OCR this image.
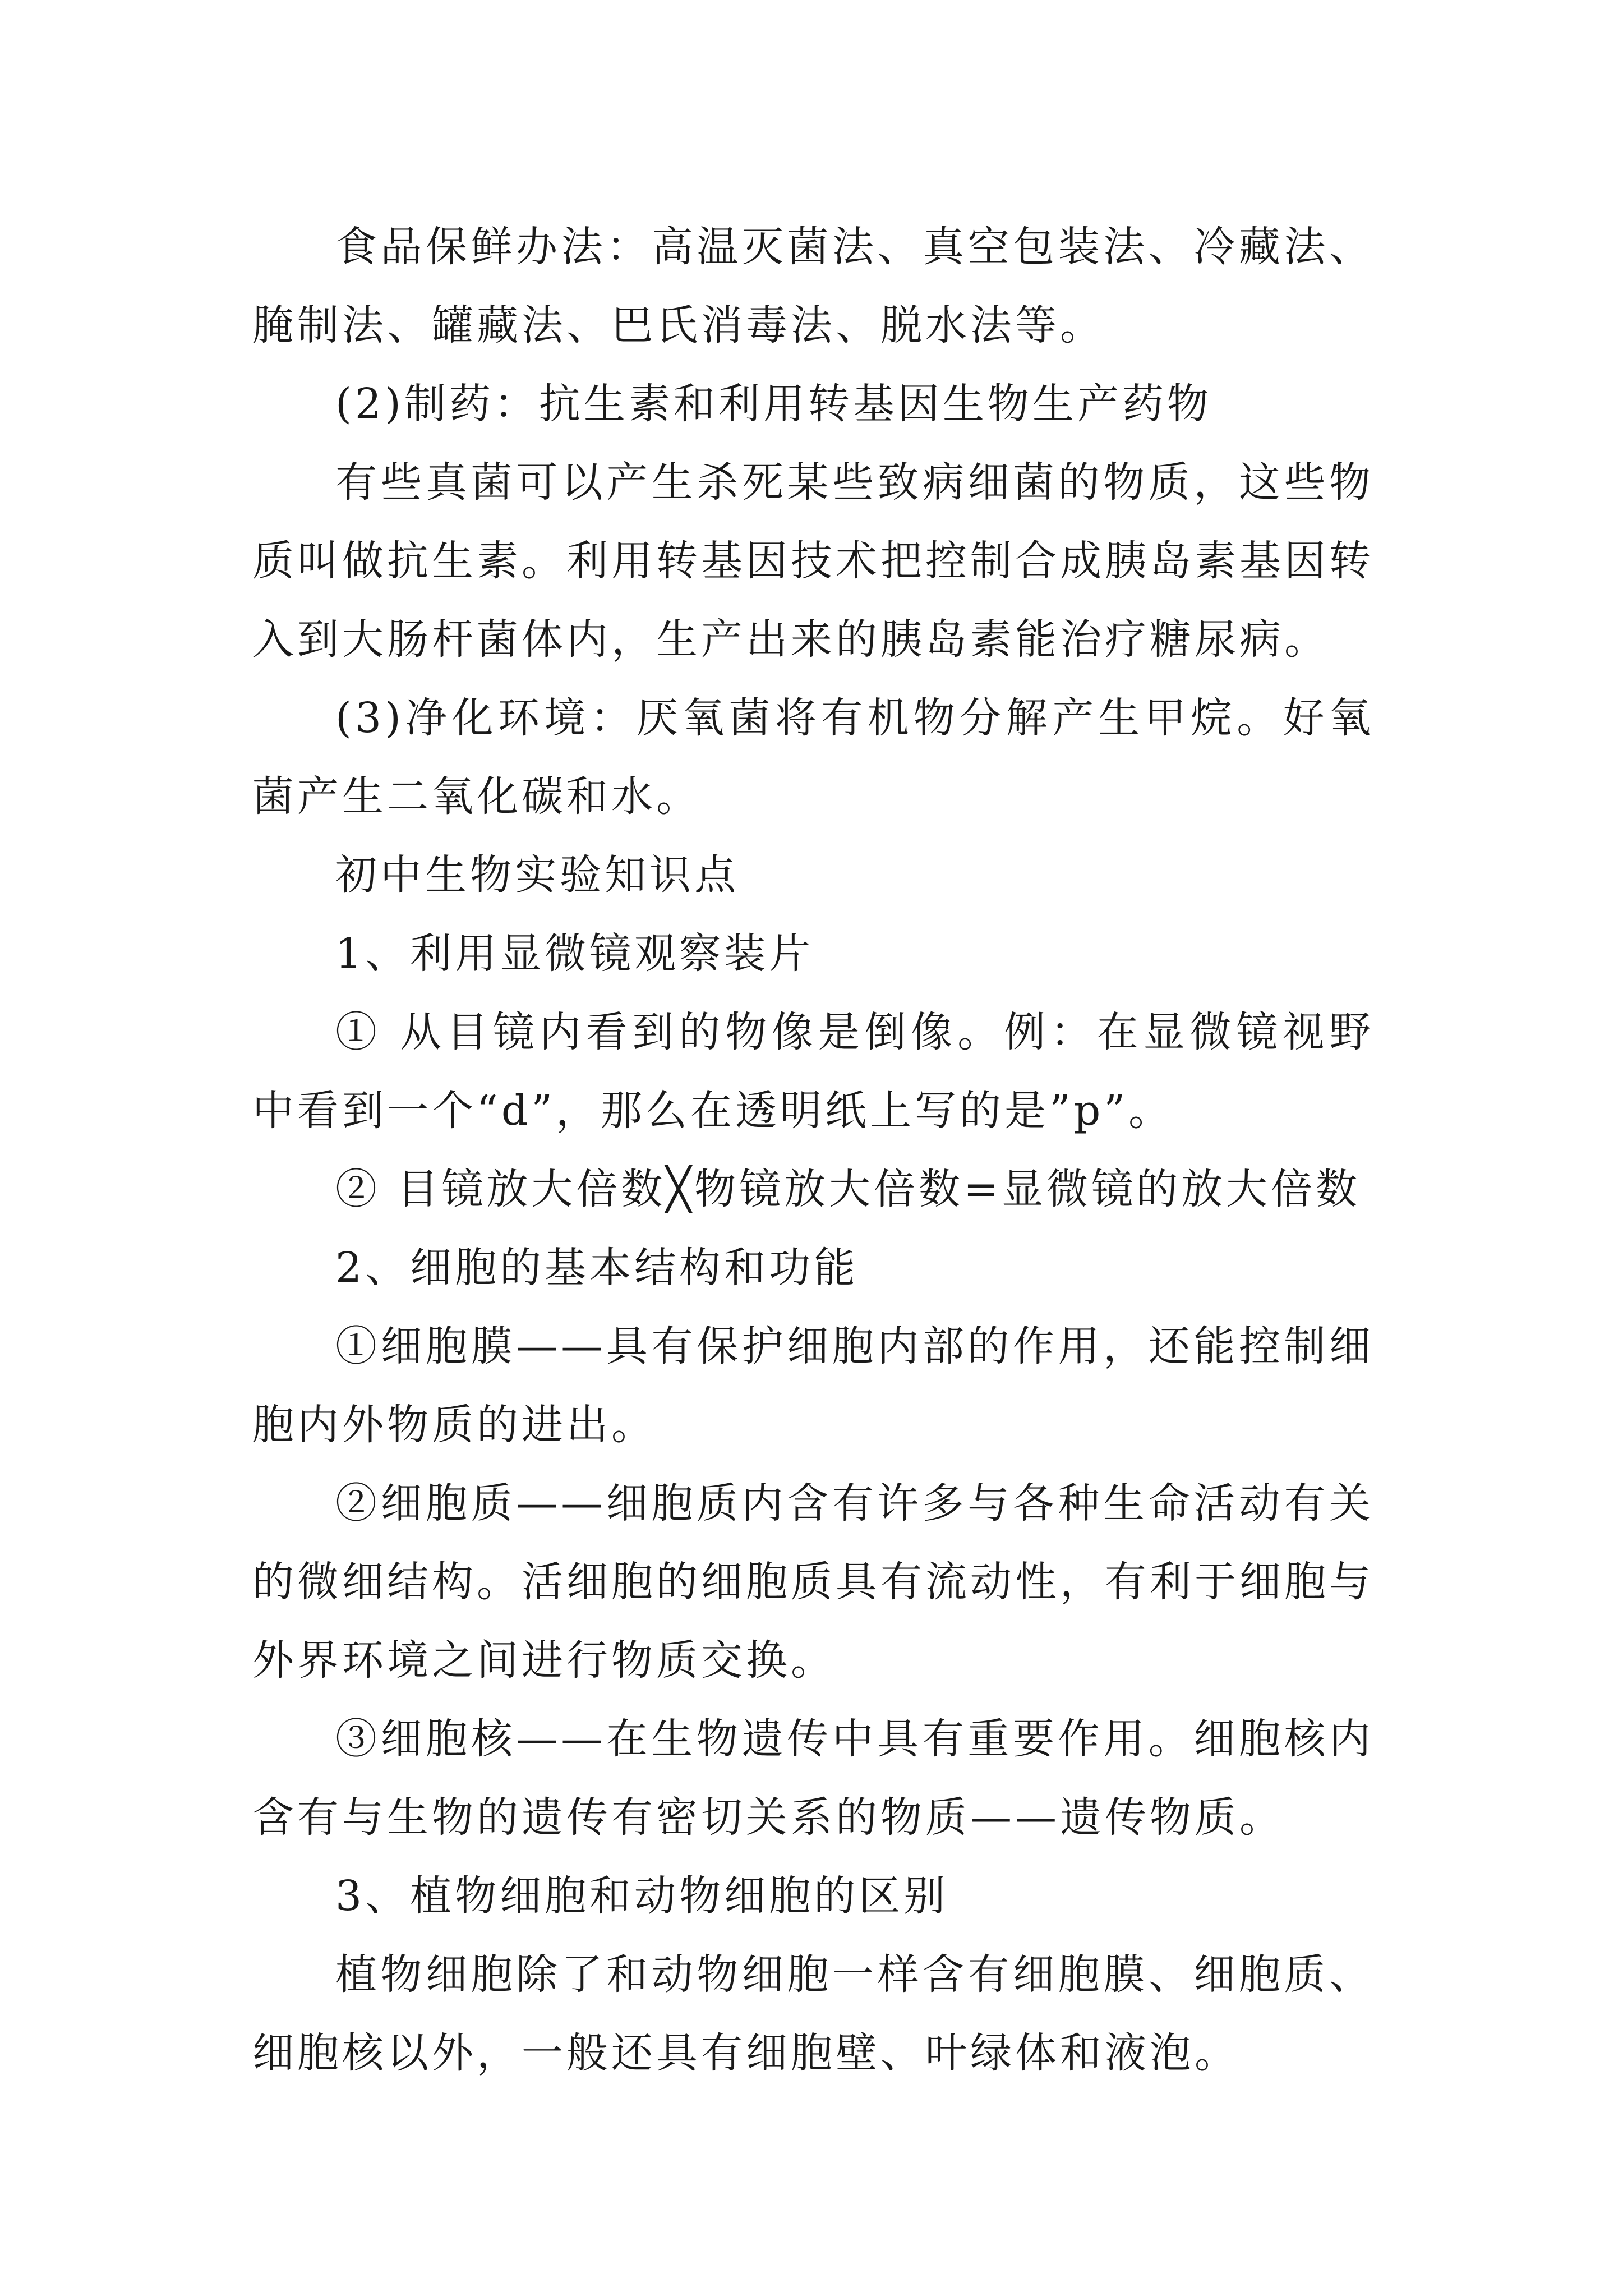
食品保鲜办法：高温灭菌法、真空包装法、冷藏法、腌制法、罐藏法、巴氏消毒法、脱水法等。

(2)制药：抗生素和利用转基因生物生产药物

有些真菌可以产生杀死某些致病细菌的物质，这些物质叫做抗生素。利用转基因技术把控制合成胰岛素基因转入到大肠杆菌体内，生产出来的胰岛素能治疗糖尿病。

(3)净化环境：厌氧菌将有机物分解产生甲烷。好氧菌产生二氧化碳和水。

初中生物实验知识点

1、利用显微镜观察装片

① 从目镜内看到的物像是倒像。例：在显微镜视野中看到一个“d”，那么在透明纸上写的是”p”。

② 目镜放大倍数╳物镜放大倍数=显微镜的放大倍数

2、细胞的基本结构和功能

①细胞膜——具有保护细胞内部的作用，还能控制细胞内外物质的进出。

②细胞质——细胞质内含有许多与各种生命活动有关的微细结构。活细胞的细胞质具有流动性，有利于细胞与外界环境之间进行物质交换。

③细胞核——在生物遗传中具有重要作用。细胞核内含有与生物的遗传有密切关系的物质——遗传物质。

3、植物细胞和动物细胞的区别

植物细胞除了和动物细胞一样含有细胞膜、细胞质、细胞核以外，一般还具有细胞壁、叶绿体和液泡。
